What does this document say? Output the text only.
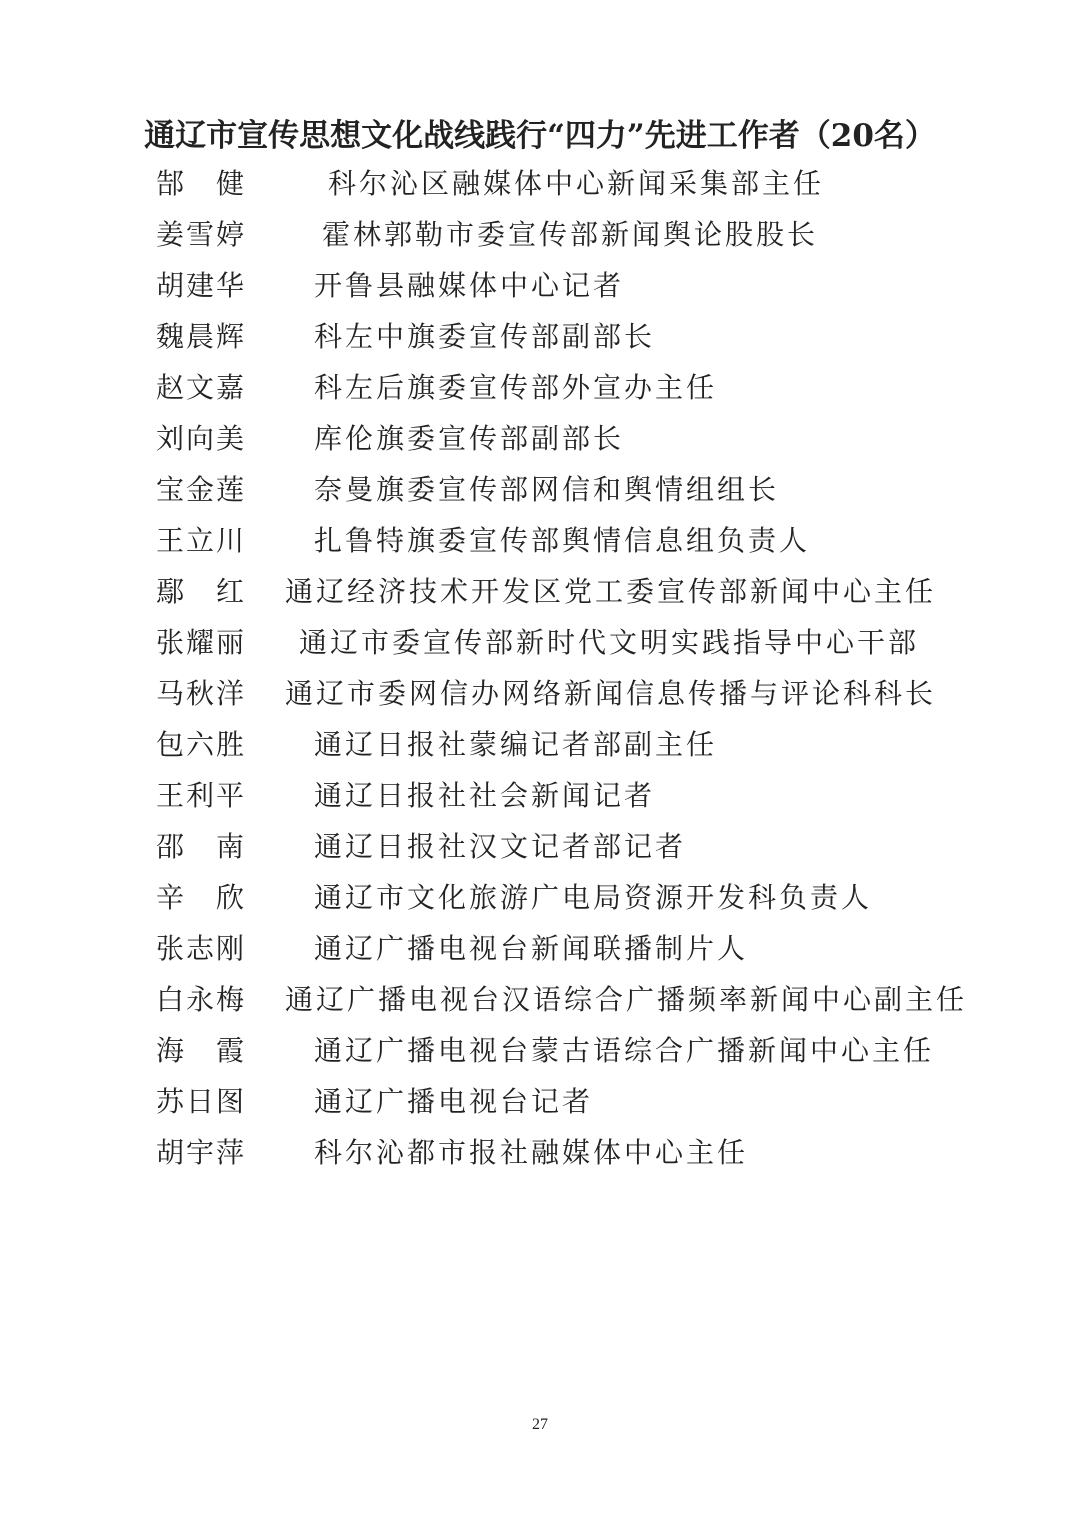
通辽市宣传思想文化战线践行“四力”先进工作者（20名）
郜　健	科尔沁区融媒体中心新闻采集部主任
姜雪婷	霍林郭勒市委宣传部新闻舆论股股长
胡建华 开鲁县融媒体中心记者
魏晨辉 科左中旗委宣传部副部长
赵文嘉 科左后旗委宣传部外宣办主任
刘向美 库伦旗委宣传部副部长
宝金莲 奈曼旗委宣传部网信和舆情组组长
王立川 扎鲁特旗委宣传部舆情信息组负责人
鄢　红 通辽经济技术开发区党工委宣传部新闻中心主任
张耀丽 通辽市委宣传部新时代文明实践指导中心干部
马秋洋 通辽市委网信办网络新闻信息传播与评论科科长
包六胜 通辽日报社蒙编记者部副主任
王利平 通辽日报社社会新闻记者
邵　南 通辽日报社汉文记者部记者
辛　欣 通辽市文化旅游广电局资源开发科负责人
张志刚 通辽广播电视台新闻联播制片人
白永梅 通辽广播电视台汉语综合广播频率新闻中心副主任
海　霞 通辽广播电视台蒙古语综合广播新闻中心主任
苏日图 通辽广播电视台记者
胡宇萍 科尔沁都市报社融媒体中心主任
27
